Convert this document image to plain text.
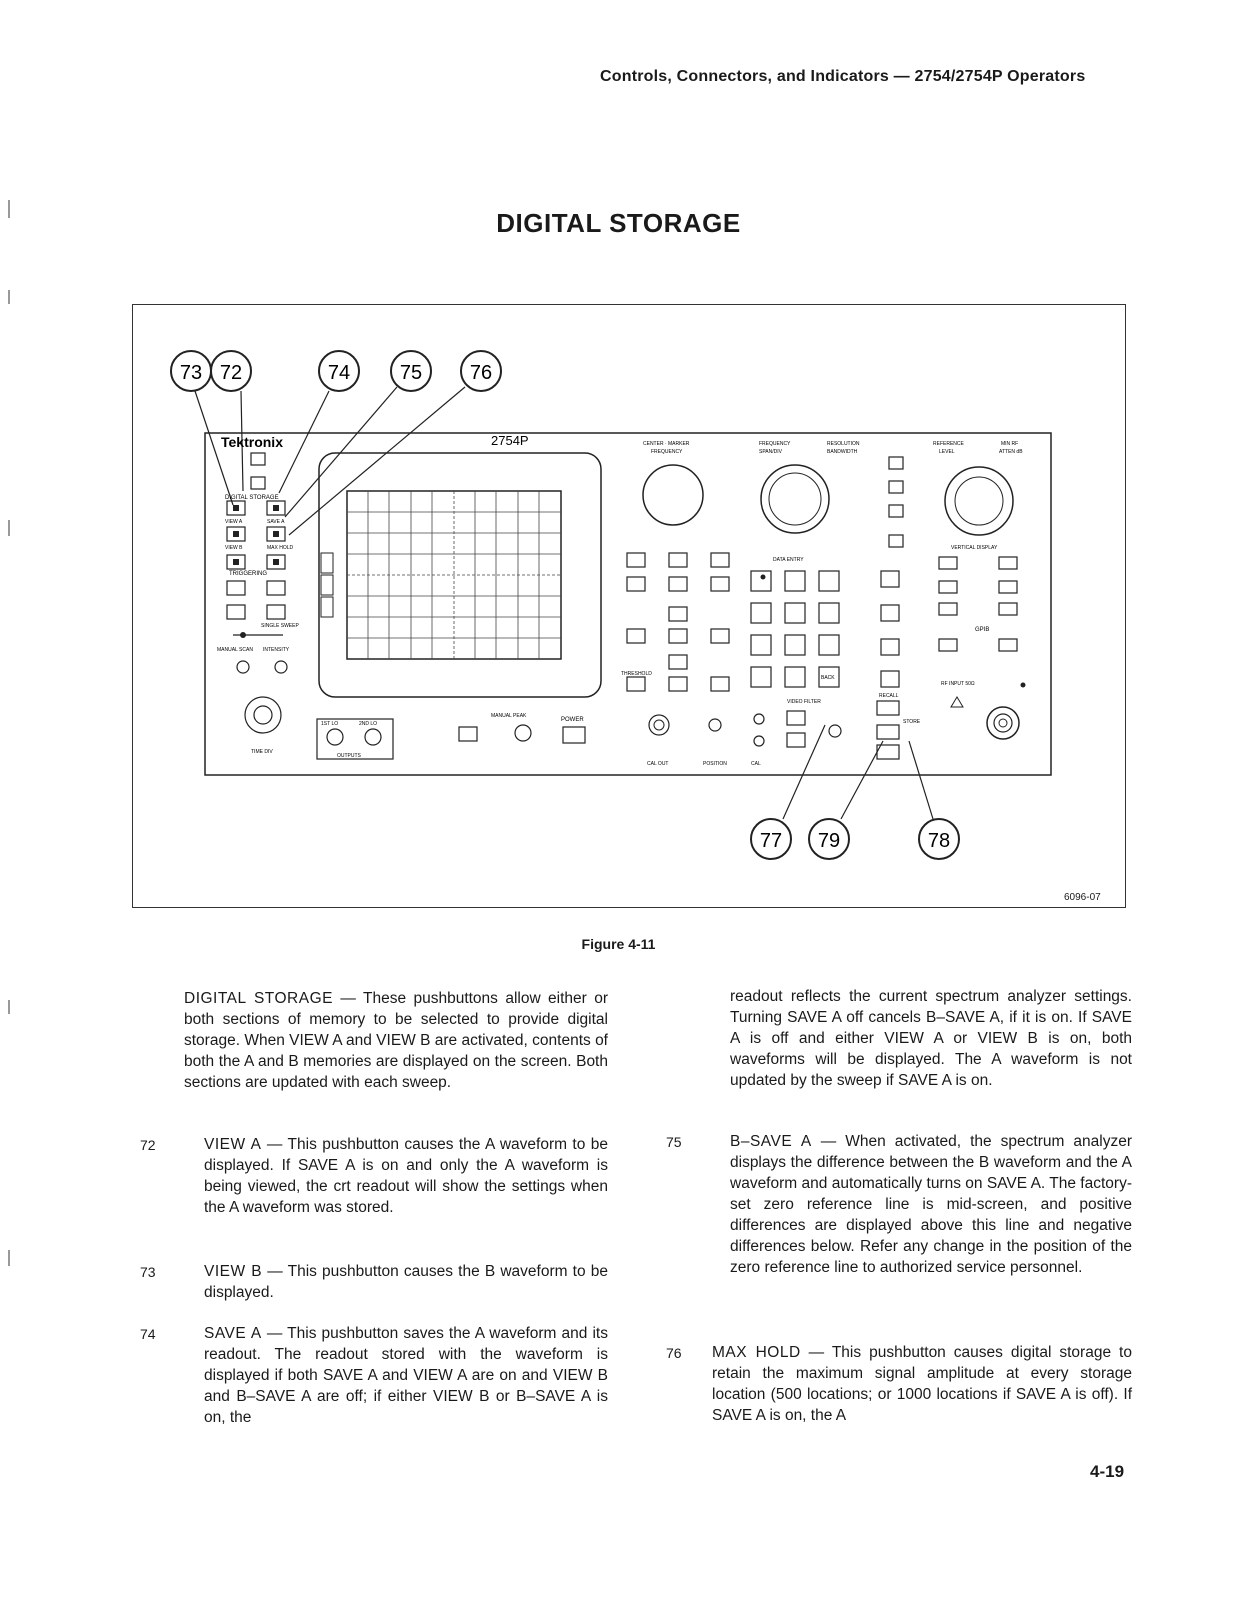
Controls, Connectors, and Indicators — 2754/2754P Operators
DIGITAL STORAGE
73 72	74 75 76
77 79	78
Tektronix
DIGITAL STORAGE
VIEW A	SAVE A
VIEW B	MAX HOLD
TRIGGERING
SINGLE SWEEP
MANUAL SCAN INTENSITY
TIME DIV
2754P
1ST LO	2ND LO
OUTPUTS
MANUAL PEAK
POWER
CENTER · MARKER
FREQUENCY
THRESHOLD
CAL OUT	POSITION
FREQUENCY
SPAN/DIV
RESOLUTION
BANDWIDTH
DATA ENTRY
BACK
VIDEO FILTER
CAL
STORE
RECALL
REFERENCE
LEVEL
MIN RF
ATTEN dB
VERTICAL DISPLAY
GPIB
RF INPUT 50Ω
6096-07
Figure 4-11
DIGITAL STORAGE — These pushbuttons allow either or both sections of memory to be selected to provide digital storage. When VIEW A and VIEW B are activated, contents of both the A and B memories are displayed on the screen. Both sections are updated with each sweep.
72	VIEW A — This pushbutton causes the A waveform to be displayed. If SAVE A is on and only the A waveform is being viewed, the crt readout will show the settings when the A waveform was stored.
73	VIEW B — This pushbutton causes the B waveform to be displayed.
74	SAVE A — This pushbutton saves the A waveform and its readout. The readout stored with the waveform is displayed if both SAVE A and VIEW A are on and VIEW B and B–SAVE A are off; if either VIEW B or B–SAVE A is on, the
readout reflects the current spectrum analyzer settings. Turning SAVE A off cancels B–SAVE A, if it is on. If SAVE A is off and either VIEW A or VIEW B is on, both waveforms will be displayed. The A waveform is not updated by the sweep if SAVE A is on.
75	B–SAVE A — When activated, the spectrum analyzer displays the difference between the B waveform and the A waveform and automatically turns on SAVE A. The factory-set zero reference line is mid-screen, and positive differences are displayed above this line and negative differences below. Refer any change in the position of the zero reference line to authorized service personnel.
76 MAX HOLD — This pushbutton causes digital storage to retain the maximum signal amplitude at every storage location (500 locations; or 1000 locations if SAVE A is off). If SAVE A is on, the A
4-19
